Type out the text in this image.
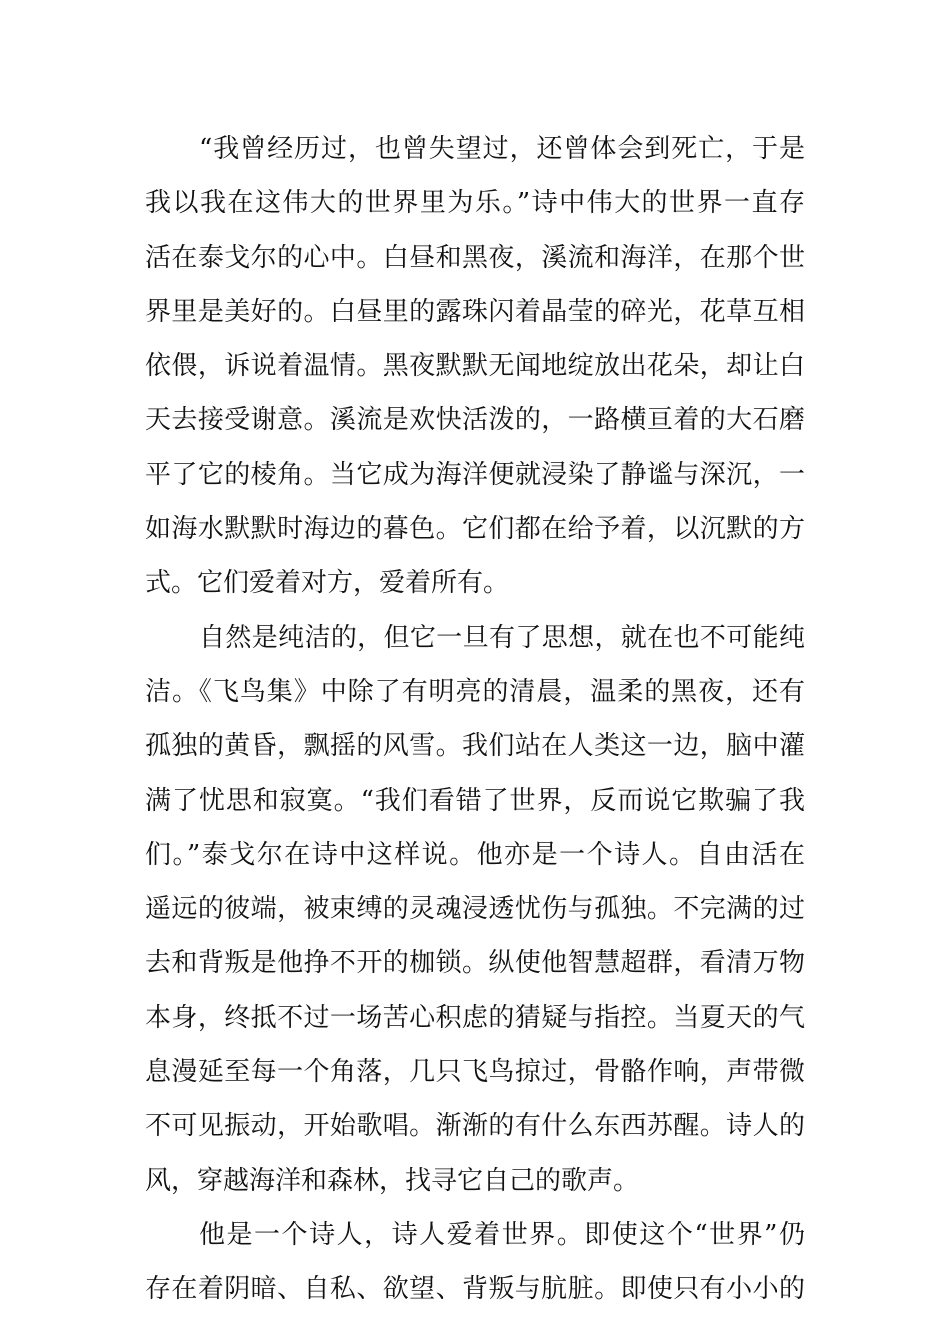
“我曾经历过，也曾失望过，还曾体会到死亡，于是
我以我在这伟大的世界里为乐。”诗中伟大的世界一直存
活在泰戈尔的心中。白昼和黑夜，溪流和海洋，在那个世
界里是美好的。白昼里的露珠闪着晶莹的碎光，花草互相
依偎，诉说着温情。黑夜默默无闻地绽放出花朵，却让白
天去接受谢意。溪流是欢快活泼的，一路横亘着的大石磨
平了它的棱角。当它成为海洋便就浸染了静谧与深沉，一
如海水默默时海边的暮色。它们都在给予着，以沉默的方
式。它们爱着对方，爱着所有。

自然是纯洁的，但它一旦有了思想，就在也不可能纯
洁。《飞鸟集》中除了有明亮的清晨，温柔的黑夜，还有
孤独的黄昏，飘摇的风雪。我们站在人类这一边，脑中灌
满了忧思和寂寞。“我们看错了世界，反而说它欺骗了我
们。”泰戈尔在诗中这样说。他亦是一个诗人。自由活在
遥远的彼端，被束缚的灵魂浸透忧伤与孤独。不完满的过
去和背叛是他挣不开的枷锁。纵使他智慧超群，看清万物
本身，终抵不过一场苦心积虑的猜疑与指控。当夏天的气
息漫延至每一个角落，几只飞鸟掠过，骨骼作响，声带微
不可见振动，开始歌唱。渐渐的有什么东西苏醒。诗人的
风，穿越海洋和森林，找寻它自己的歌声。

他是一个诗人，诗人爱着世界。即使这个“世界”仍
存在着阴暗、自私、欲望、背叛与肮脏。即使只有小小的
